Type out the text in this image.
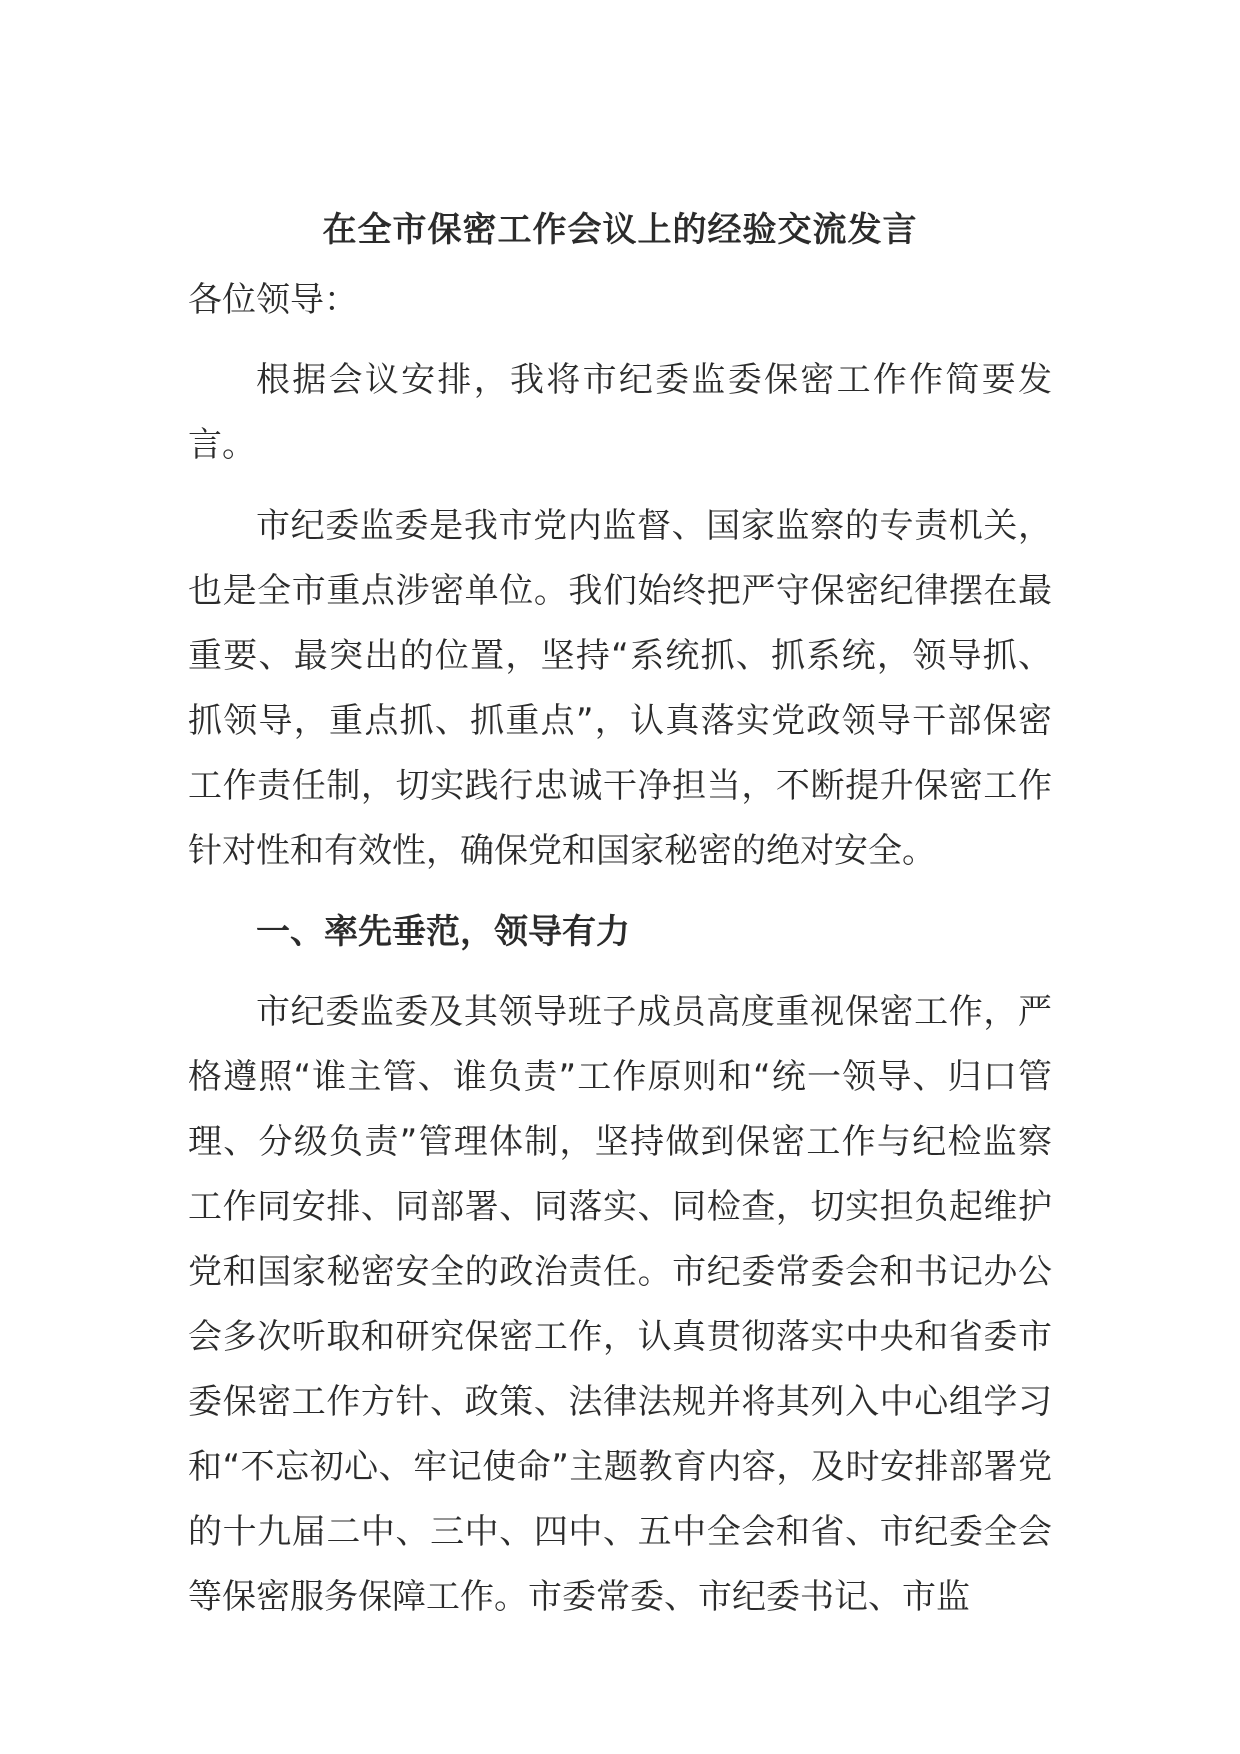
在全市保密工作会议上的经验交流发言
各位领导：

根据会议安排，我将市纪委监委保密工作作简要发言。

市纪委监委是我市党内监督、国家监察的专责机关，也是全市重点涉密单位。我们始终把严守保密纪律摆在最重要、最突出的位置，坚持“系统抓、抓系统，领导抓、抓领导，重点抓、抓重点”，认真落实党政领导干部保密工作责任制，切实践行忠诚干净担当，不断提升保密工作针对性和有效性，确保党和国家秘密的绝对安全。

一、率先垂范，领导有力

市纪委监委及其领导班子成员高度重视保密工作，严格遵照“谁主管、谁负责”工作原则和“统一领导、归口管理、分级负责”管理体制，坚持做到保密工作与纪检监察工作同安排、同部署、同落实、同检查，切实担负起维护党和国家秘密安全的政治责任。市纪委常委会和书记办公会多次听取和研究保密工作，认真贯彻落实中央和省委市委保密工作方针、政策、法律法规并将其列入中心组学习和“不忘初心、牢记使命”主题教育内容，及时安排部署党的十九届二中、三中、四中、五中全会和省、市纪委全会等保密服务保障工作。市委常委、市纪委书记、市监
